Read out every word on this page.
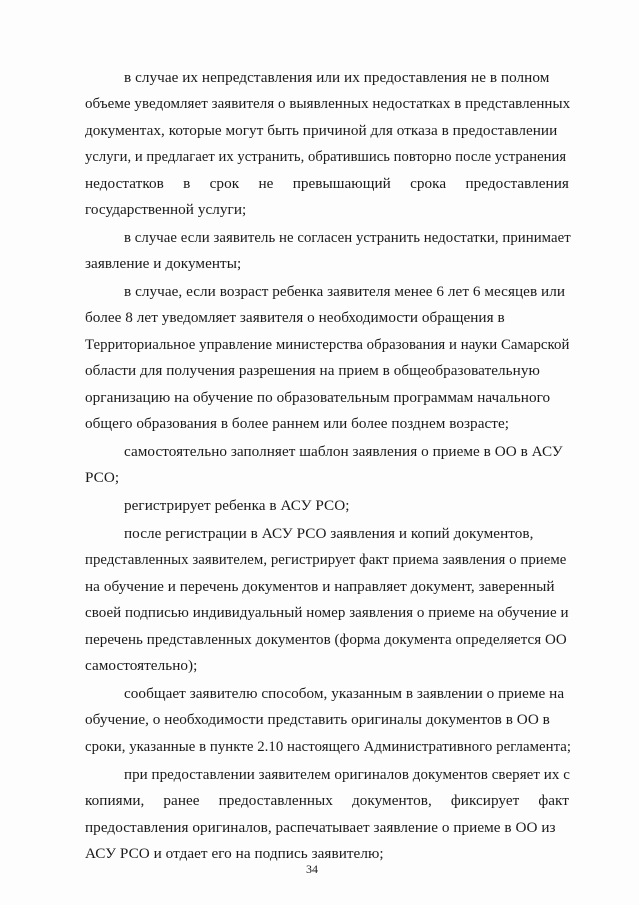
в случае их непредставления или их предоставления не в полном
объеме уведомляет заявителя о выявленных недостатках в представленных
документах, которые могут быть причиной для отказа в предоставлении
услуги, и предлагает их устранить, обратившись повторно после устранения
недостатков в срок не превышающий срока предоставления
государственной услуги;
в случае если заявитель не согласен устранить недостатки, принимает
заявление и документы;
в случае, если возраст ребенка заявителя менее 6 лет 6 месяцев или
более 8 лет уведомляет заявителя о необходимости обращения в
Территориальное управление министерства образования и науки Самарской
области для получения разрешения на прием в общеобразовательную
организацию на обучение по образовательным программам начального
общего образования в более раннем или более позднем возрасте;
самостоятельно заполняет шаблон заявления о приеме в ОО в АСУ
РСО;
регистрирует ребенка в АСУ РСО;
после регистрации в АСУ РСО заявления и копий документов,
представленных заявителем, регистрирует факт приема заявления о приеме
на обучение и перечень документов и направляет документ, заверенный
своей подписью индивидуальный номер заявления о приеме на обучение и
перечень представленных документов (форма документа определяется ОО
самостоятельно);
сообщает заявителю способом, указанным в заявлении о приеме на
обучение, о необходимости представить оригиналы документов в ОО в
сроки, указанные в пункте 2.10 настоящего Административного регламента;
при предоставлении заявителем оригиналов документов сверяет их с
копиями, ранее предоставленных документов, фиксирует факт
предоставления оригиналов, распечатывает заявление о приеме в ОО из
АСУ РСО и отдает его на подпись заявителю;
34
